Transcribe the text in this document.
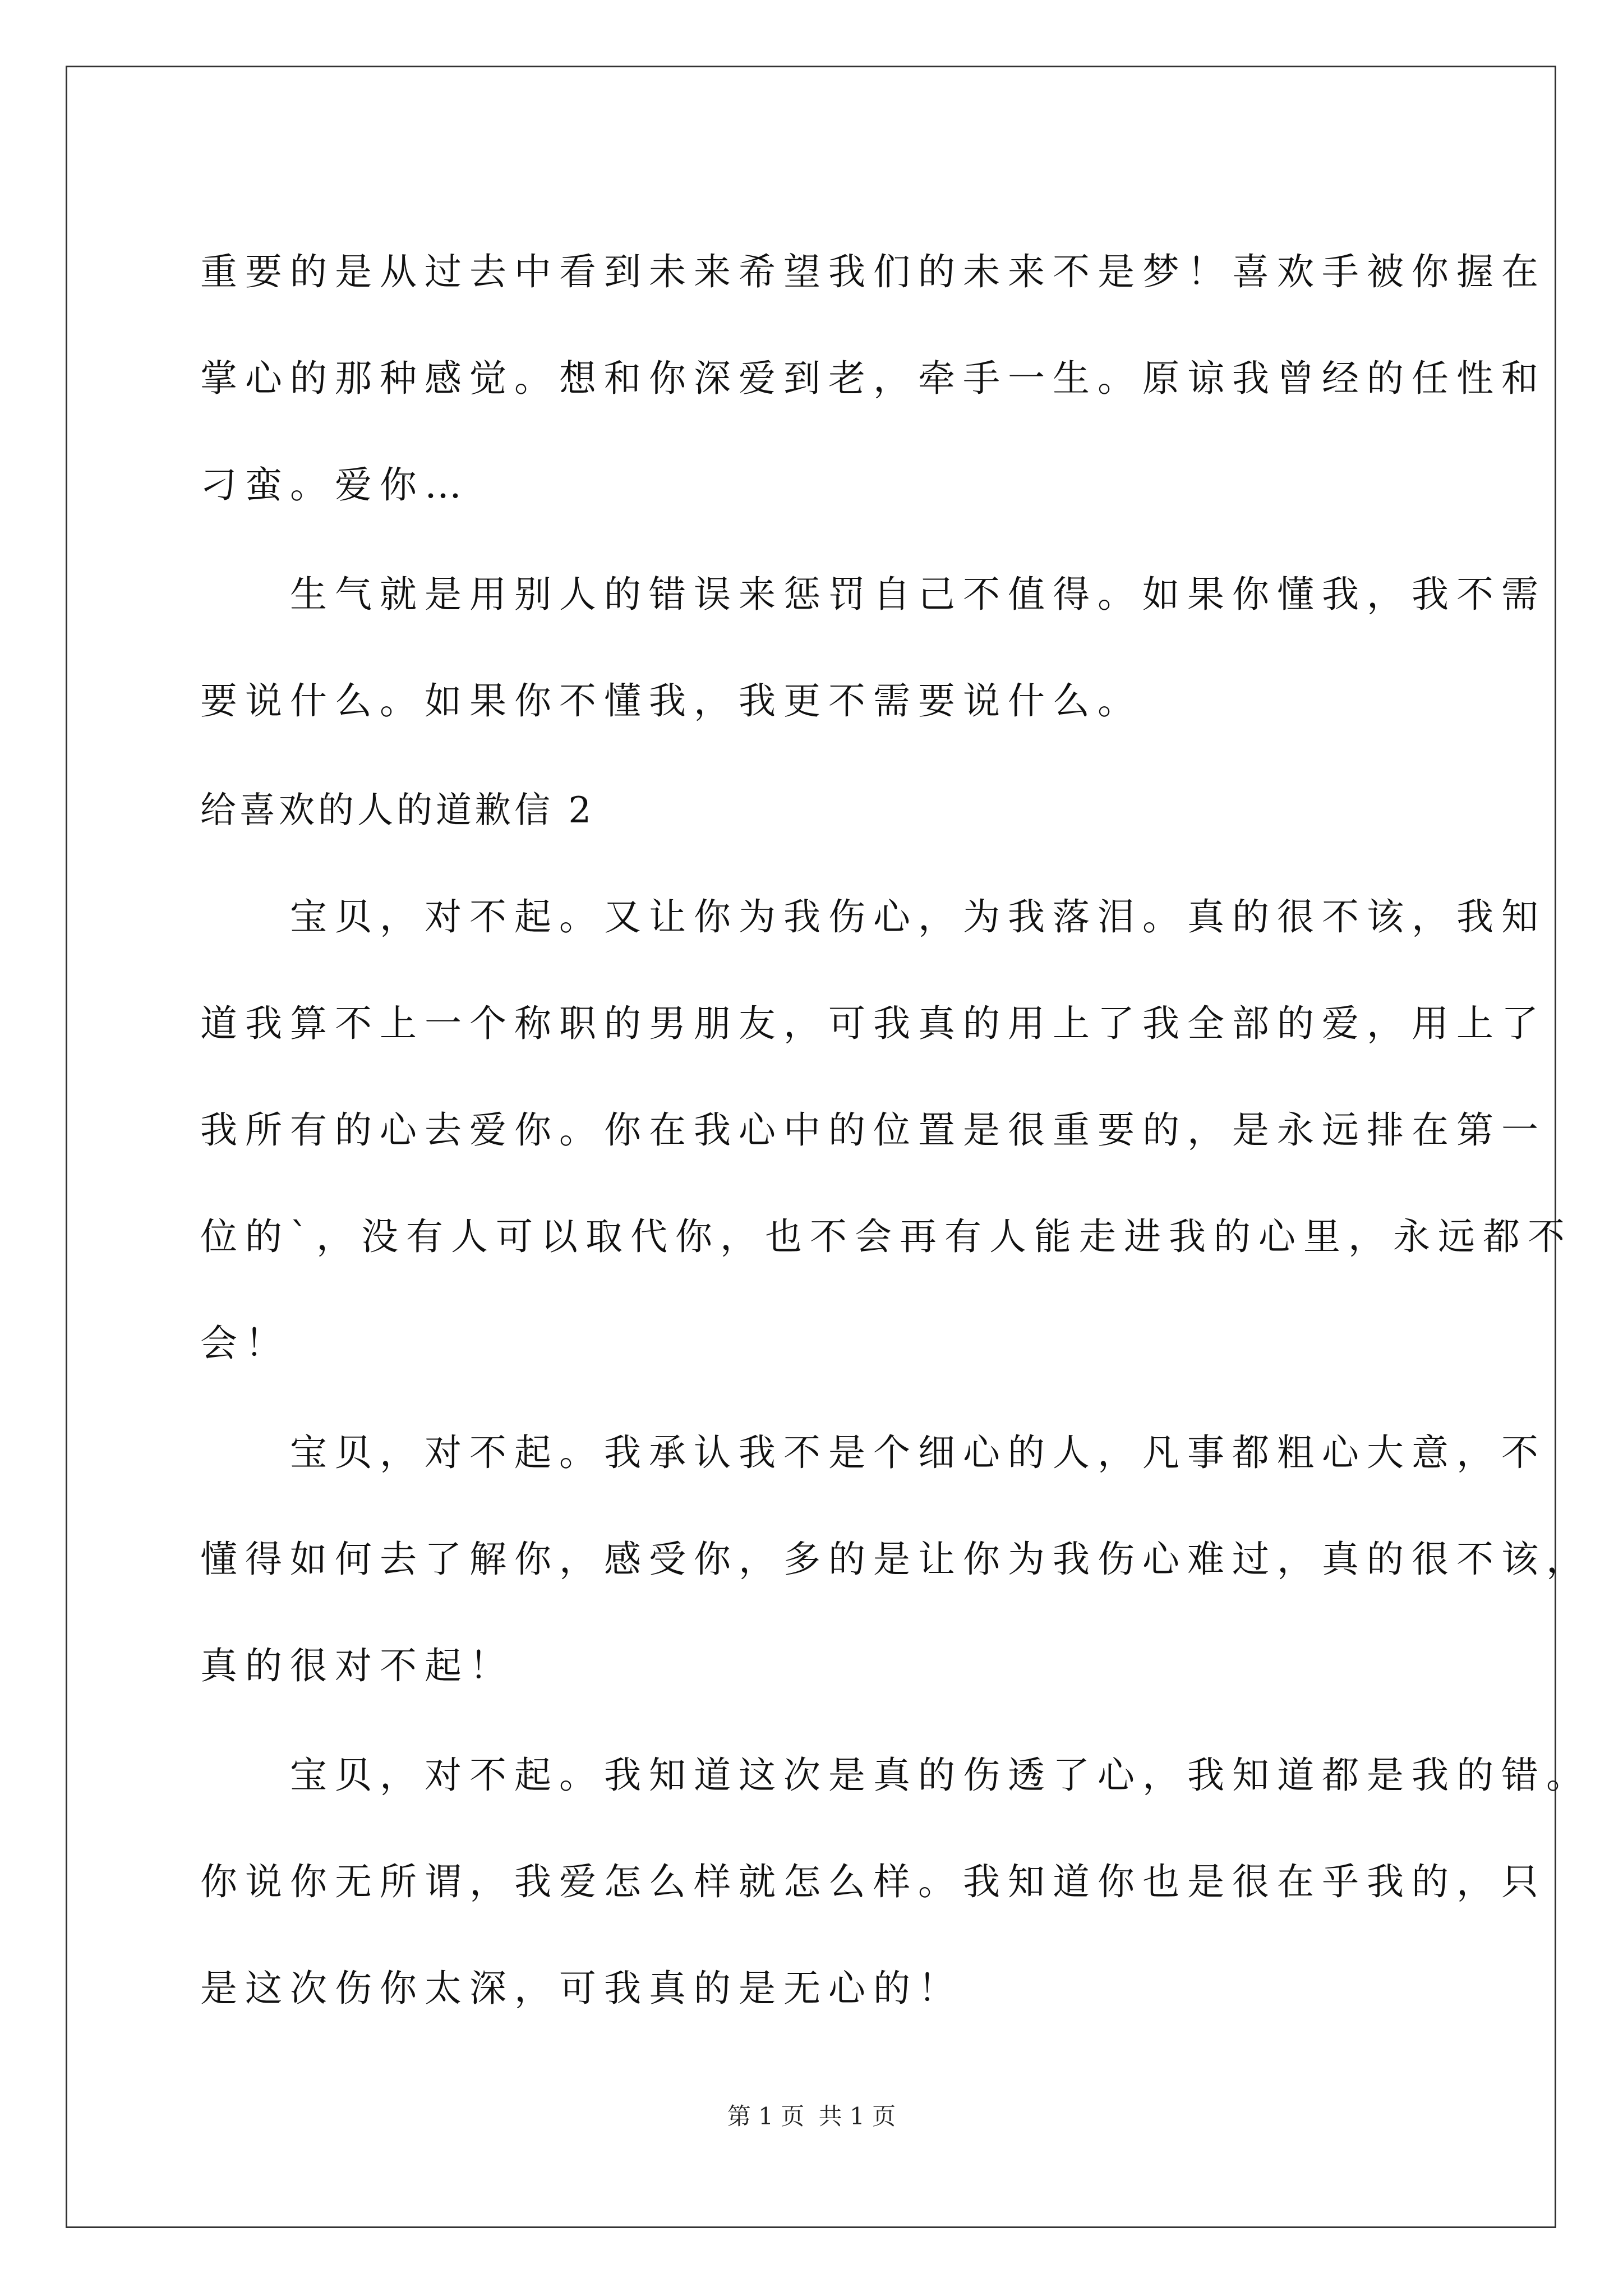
重要的是从过去中看到未来希望我们的未来不是梦！喜欢手被你握在
掌心的那种感觉。想和你深爱到老，牵手一生。原谅我曾经的任性和
刁蛮。爱你…

　　生气就是用别人的错误来惩罚自己不值得。如果你懂我，我不需
要说什么。如果你不懂我，我更不需要说什么。

给喜欢的人的道歉信 2

　　宝贝，对不起。又让你为我伤心，为我落泪。真的很不该，我知
道我算不上一个称职的男朋友，可我真的用上了我全部的爱，用上了
我所有的心去爱你。你在我心中的位置是很重要的，是永远排在第一
位的`，没有人可以取代你，也不会再有人能走进我的心里，永远都不
会！

　　宝贝，对不起。我承认我不是个细心的人，凡事都粗心大意，不
懂得如何去了解你，感受你，多的是让你为我伤心难过，真的很不该，
真的很对不起！

　　宝贝，对不起。我知道这次是真的伤透了心，我知道都是我的错。
你说你无所谓，我爱怎么样就怎么样。我知道你也是很在乎我的，只
是这次伤你太深，可我真的是无心的！

第 1 页 共 1 页
